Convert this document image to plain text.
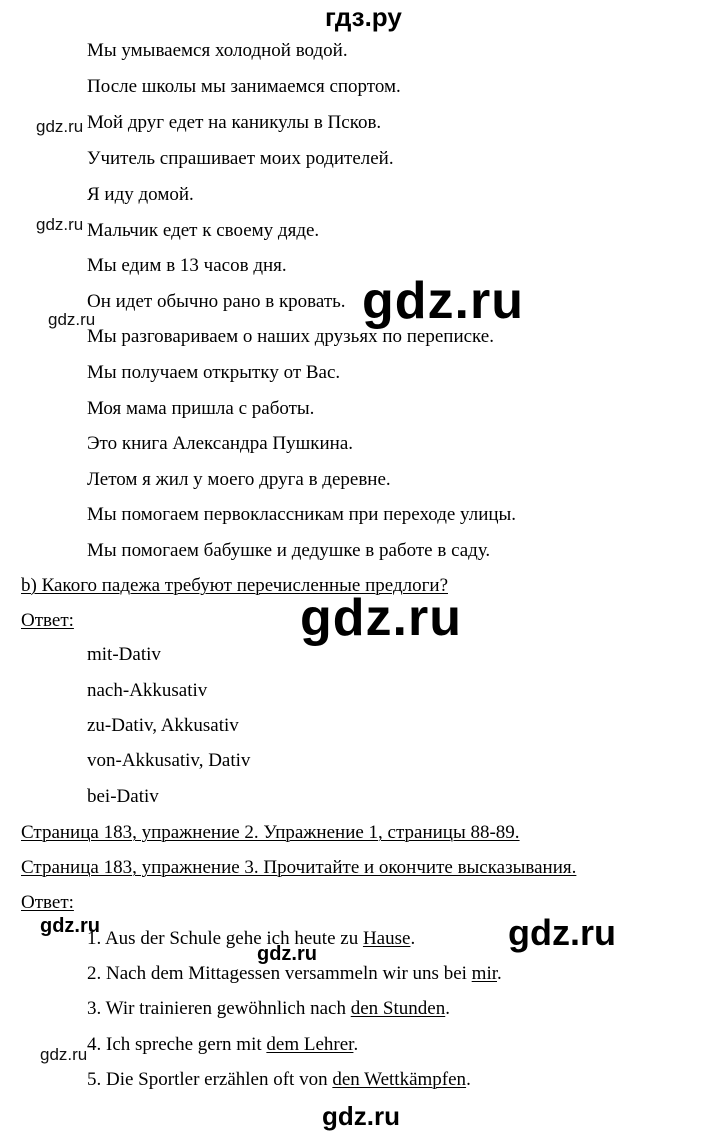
гдз.ру
Мы умываемся холодной водой.
После школы мы занимаемся спортом.
Мой друг едет на каникулы в Псков.
Учитель спрашивает моих родителей.
Я иду домой.
Мальчик едет к своему дяде.
Мы едим в 13 часов дня.
Он идет обычно рано в кровать.
Мы разговариваем о наших друзьях по переписке.
Мы получаем открытку от Вас.
Моя мама пришла с работы.
Это книга Александра Пушкина.
Летом я жил у моего друга в деревне.
Мы помогаем первоклассникам при переходе улицы.
Мы помогаем бабушке и дедушке в работе в саду.
b) Какого падежа требуют перечисленные предлоги?
Ответ:
mit-Dativ
nach-Akkusativ
zu-Dativ, Akkusativ
von-Akkusativ, Dativ
bei-Dativ
Страница 183, упражнение 2. Упражнение 1, страницы 88-89.
Страница 183, упражнение 3. Прочитайте и окончите высказывания.
Ответ:
1. Aus der Schule gehe ich heute zu Hause.
2. Nach dem Mittagessen versammeln wir uns bei mir.
3. Wir trainieren gewöhnlich nach den Stunden.
4. Ich spreche gern mit dem Lehrer.
5. Die Sportler erzählen oft von den Wettkämpfen.
gdz.ru
gdz.ru
gdz.ru	gdz.ru
gdz.ru
gdz.ru	gdz.ru
gdz.ru
gdz.ru
gdz.ru
